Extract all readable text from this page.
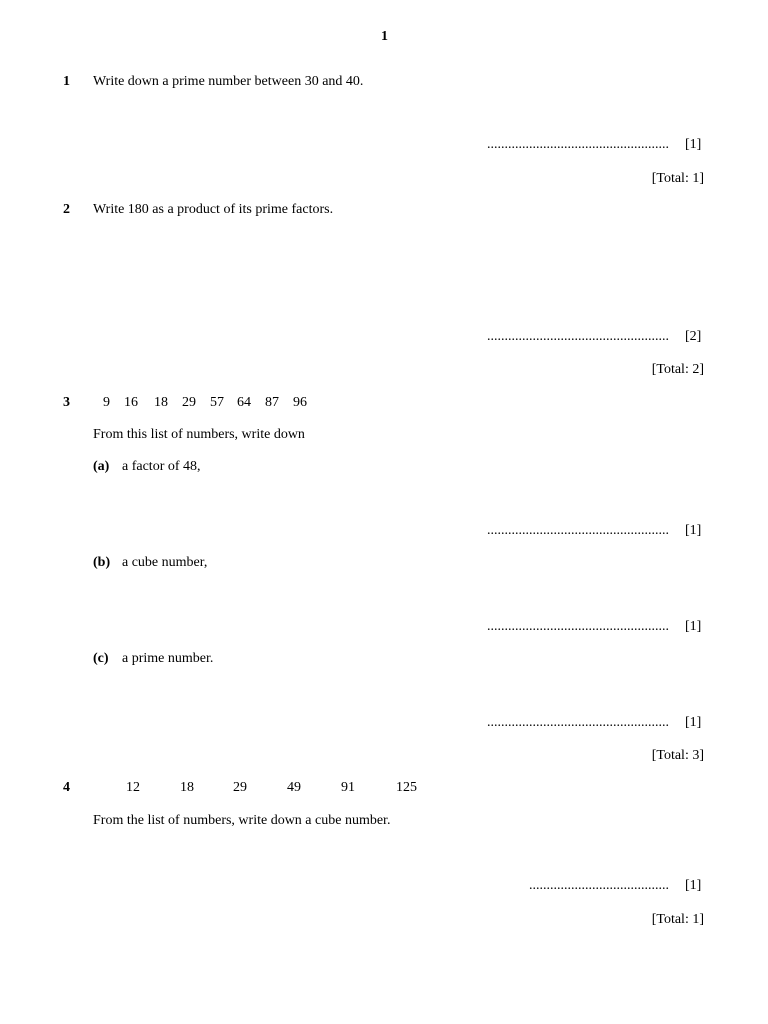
1
1 Write down a prime number between 30 and 40.
.................................................... [1]
[Total: 1]
2 Write 180 as a product of its prime factors.
.................................................... [2]
[Total: 2]
3 9 16 18 29 57 64 87 96
From this list of numbers, write down
(a) a factor of 48,
.................................................... [1]
(b) a cube number,
.................................................... [1]
(c) a prime number.
.................................................... [1]
[Total: 3]
4	12	18	29	49	91	125
From the list of numbers, write down a cube number.
........................................ [1]
[Total: 1]
